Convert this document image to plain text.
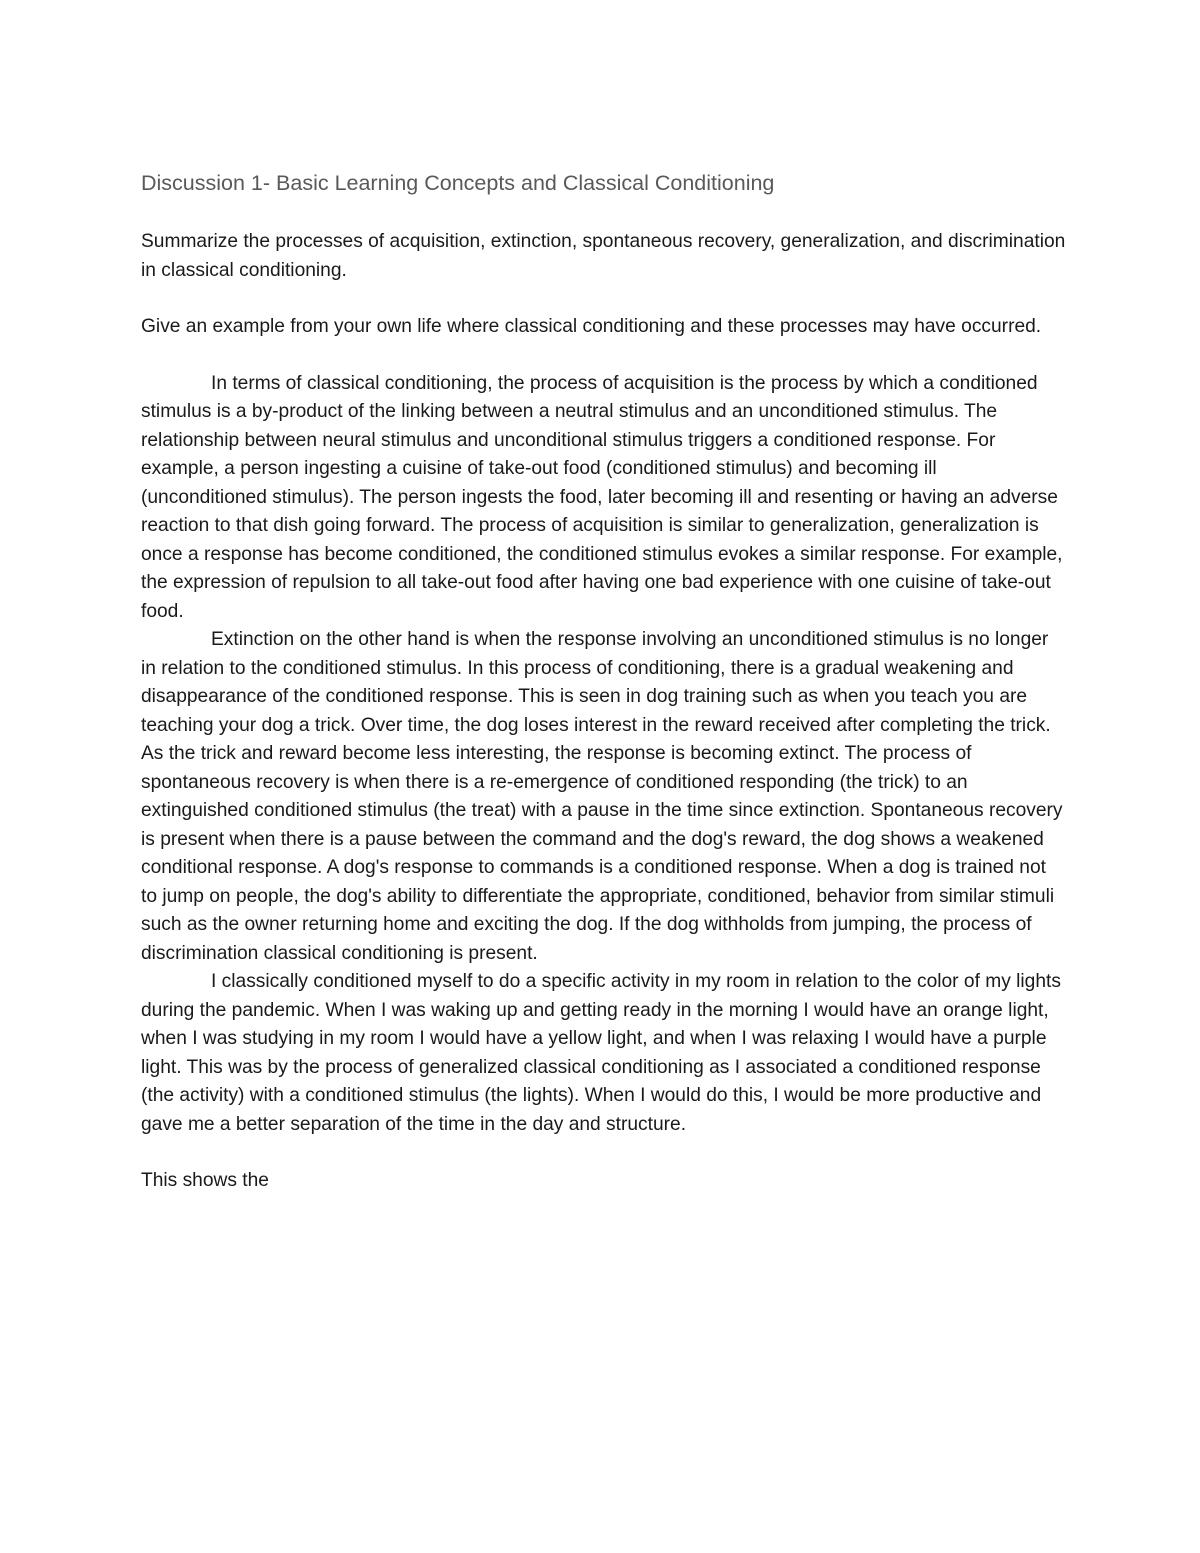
Discussion 1- Basic Learning Concepts and Classical Conditioning

Summarize the processes of acquisition, extinction, spontaneous recovery, generalization, and discrimination in classical conditioning.

Give an example from your own life where classical conditioning and these processes may have occurred.

In terms of classical conditioning, the process of acquisition is the process by which a conditioned stimulus is a by-product of the linking between a neutral stimulus and an unconditioned stimulus. The relationship between neural stimulus and unconditional stimulus triggers a conditioned response. For example, a person ingesting a cuisine of take-out food (conditioned stimulus) and becoming ill (unconditioned stimulus). The person ingests the food, later becoming ill and resenting or having an adverse reaction to that dish going forward. The process of acquisition is similar to generalization, generalization is once a response has become conditioned, the conditioned stimulus evokes a similar response. For example, the expression of repulsion to all take-out food after having one bad experience with one cuisine of take-out food.

Extinction on the other hand is when the response involving an unconditioned stimulus is no longer in relation to the conditioned stimulus. In this process of conditioning, there is a gradual weakening and disappearance of the conditioned response. This is seen in dog training such as when you teach you are teaching your dog a trick. Over time, the dog loses interest in the reward received after completing the trick. As the trick and reward become less interesting, the response is becoming extinct. The process of spontaneous recovery is when there is a re-emergence of conditioned responding (the trick) to an extinguished conditioned stimulus (the treat) with a pause in the time since extinction. Spontaneous recovery is present when there is a pause between the command and the dog's reward, the dog shows a weakened conditional response. A dog's response to commands is a conditioned response. When a dog is trained not to jump on people, the dog's ability to differentiate the appropriate, conditioned, behavior from similar stimuli such as the owner returning home and exciting the dog. If the dog withholds from jumping, the process of discrimination classical conditioning is present.

I classically conditioned myself to do a specific activity in my room in relation to the color of my lights during the pandemic. When I was waking up and getting ready in the morning I would have an orange light, when I was studying in my room I would have a yellow light, and when I was relaxing I would have a purple light. This was by the process of generalized classical conditioning as I associated a conditioned response (the activity) with a conditioned stimulus (the lights). When I would do this, I would be more productive and gave me a better separation of the time in the day and structure.

This shows the
